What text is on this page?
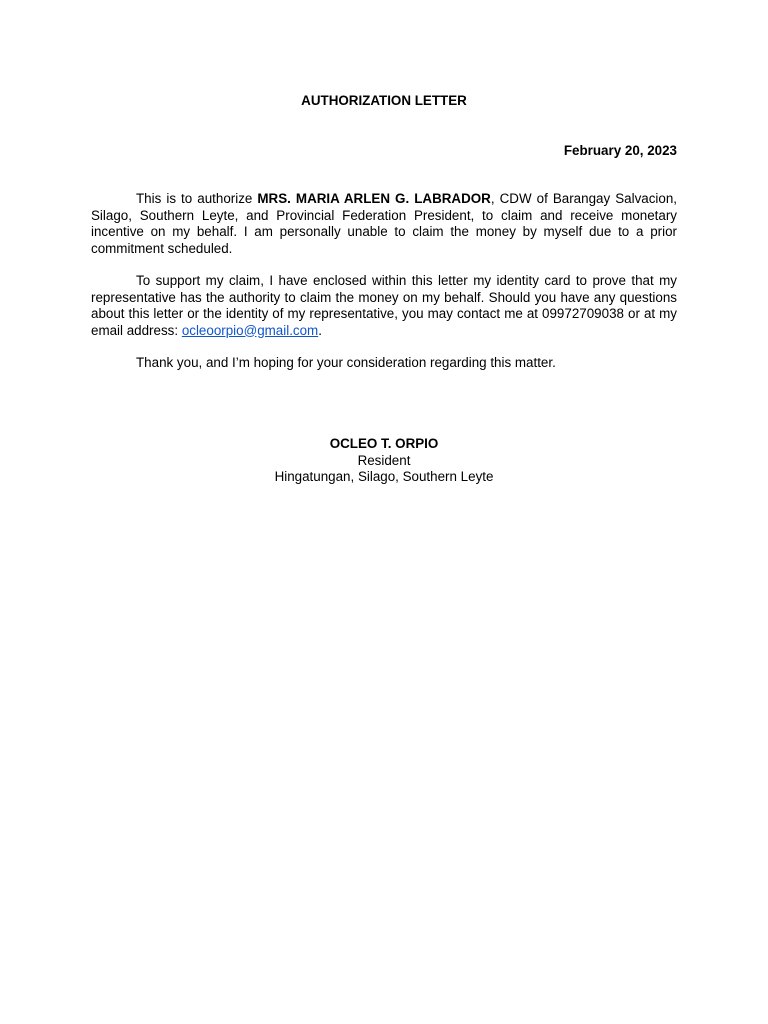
AUTHORIZATION LETTER
February 20, 2023

This is to authorize MRS. MARIA ARLEN G. LABRADOR, CDW of Barangay Salvacion, Silago, Southern Leyte, and Provincial Federation President, to claim and receive monetary incentive on my behalf. I am personally unable to claim the money by myself due to a prior commitment scheduled.

To support my claim, I have enclosed within this letter my identity card to prove that my representative has the authority to claim the money on my behalf. Should you have any questions about this letter or the identity of my representative, you may contact me at 09972709038 or at my email address: ocleoorpio@gmail.com.

Thank you, and I’m hoping for your consideration regarding this matter.

OCLEO T. ORPIO
Resident
Hingatungan, Silago, Southern Leyte
